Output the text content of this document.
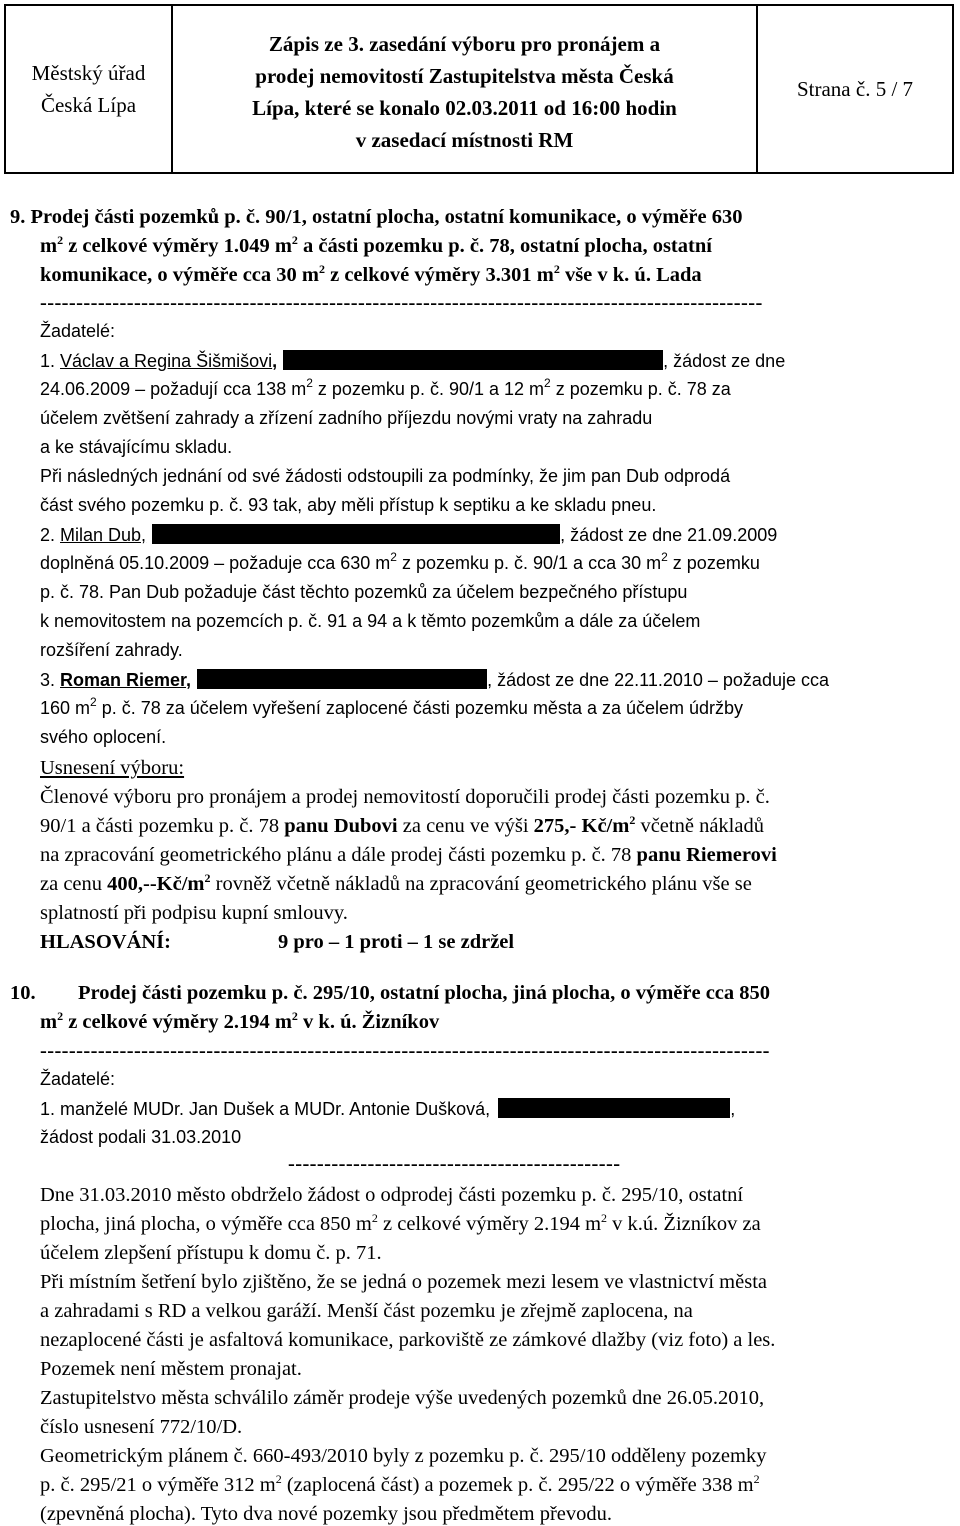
Městský úřad
Česká Lípa
Zápis ze 3. zasedání výboru pro pronájem a
prodej nemovitostí Zastupitelstva města Česká
Lípa, které se konalo 02.03.2011 od 16:00 hodin
v zasedací místnosti RM
Strana č. 5 / 7
9. Prodej části pozemků p. č. 90/1, ostatní plocha, ostatní komunikace, o výměře 630
$m^2$ z celkové výměry 1.049 $m^2$ a části pozemku p. č. 78, ostatní plocha, ostatní
komunikace, o výměře cca 30 $m^2$ z celkové výměry 3.301 $m^2$ vše v k. ú. Lada
----------------------------------------------------------------------------------------------------
Žadatelé:
1. Václav a Regina Šišmišovi,	, žádost ze dne
24.06.2009 – požadují cca 138 $m^2$ z pozemku p. č. 90/1 a 12 $m^2$ z pozemku p. č. 78 za
účelem zvětšení zahrady a zřízení zadního příjezdu novými vraty na zahradu
a ke stávajícímu skladu.
Při následných jednání od své žádosti odstoupili za podmínky, že jim pan Dub odprodá
část svého pozemku p. č. 93 tak, aby měli přístup k septiku a ke skladu pneu.
2. Milan Dub,	, žádost ze dne 21.09.2009
doplněná 05.10.2009 – požaduje cca 630 $m^2$ z pozemku p. č. 90/1 a cca 30 $m^2$ z pozemku
p. č. 78. Pan Dub požaduje část těchto pozemků za účelem bezpečného přístupu
k nemovitostem na pozemcích p. č. 91 a 94 a k těmto pozemkům a dále za účelem
rozšíření zahrady.
3. Roman Riemer,	, žádost ze dne 22.11.2010 – požaduje cca
160 $m^2$ p. č. 78 za účelem vyřešení zaplocené části pozemku města a za účelem údržby
svého oplocení.
Usnesení výboru:
Členové výboru pro pronájem a prodej nemovitostí doporučili prodej části pozemku p. č.
90/1 a části pozemku p. č. 78 panu Dubovi za cenu ve výši 275,- $Kč/m^2$ včetně nákladů
na zpracování geometrického plánu a dále prodej části pozemku p. č. 78 panu Riemerovi
za cenu $400,--Kč/m^2$ rovněž včetně nákladů na zpracování geometrického plánu vše se
splatností při podpisu kupní smlouvy.
HLASOVÁNÍ:	9 pro – 1 proti – 1 se zdržel
10. Prodej části pozemku p. č. 295/10, ostatní plocha, jiná plocha, o výměře cca 850
$m^2$ z celkové výměry 2.194 $m^2$ v k. ú. Žizníkov
-----------------------------------------------------------------------------------------------------
Žadatelé:
1. manželé MUDr. Jan Dušek a MUDr. Antonie Dušková,	,
žádost podali 31.03.2010
----------------------------------------------
Dne 31.03.2010 město obdrželo žádost o odprodej části pozemku p. č. 295/10, ostatní
plocha, jiná plocha, o výměře cca 850 $m^2$ z celkové výměry 2.194 $m^2$ v k.ú. Žizníkov za
účelem zlepšení přístupu k domu č. p. 71.
Při místním šetření bylo zjištěno, že se jedná o pozemek mezi lesem ve vlastnictví města
a zahradami s RD a velkou garáží. Menší část pozemku je zřejmě zaplocena, na
nezaplocené části je asfaltová komunikace, parkoviště ze zámkové dlažby (viz foto) a les.
Pozemek není městem pronajat.
Zastupitelstvo města schválilo záměr prodeje výše uvedených pozemků dne 26.05.2010,
číslo usnesení 772/10/D.
Geometrickým plánem č. 660-493/2010 byly z pozemku p. č. 295/10 odděleny pozemky
p. č. 295/21 o výměře 312 $m^2$ (zaplocená část) a pozemek p. č. 295/22 o výměře 338 $m^2$
(zpevněná plocha). Tyto dva nové pozemky jsou předmětem převodu.
